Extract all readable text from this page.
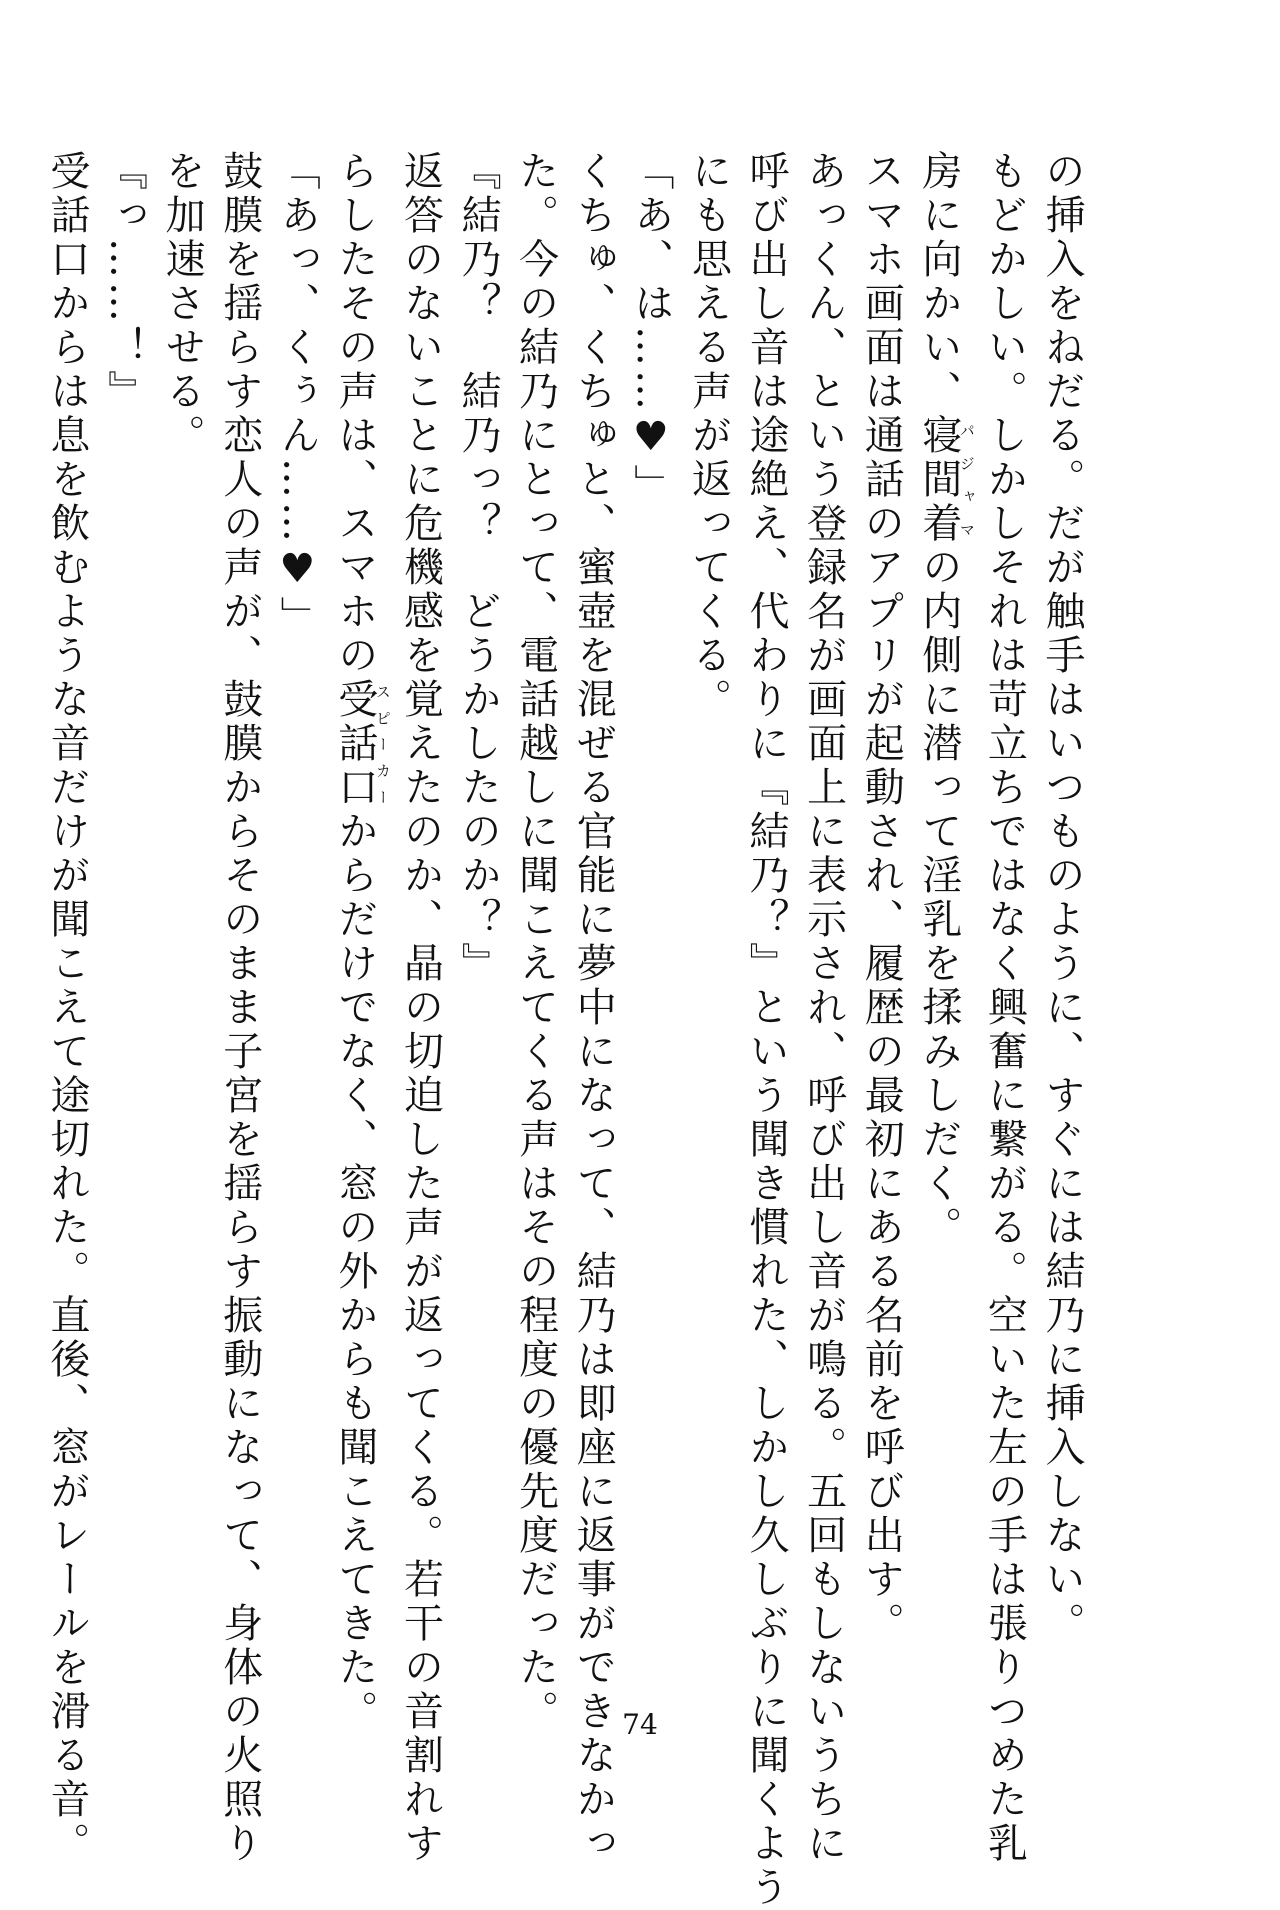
の挿入をねだる。だが触手はいつものように、すぐには結乃に挿入しない。
もどかしい。しかしそれは苛立ちではなく興奮に繋がる。空いた左の手は張りつめた乳
房に向かい、寝間着パジャマの内側に潜って淫乳を揉みしだく。
スマホ画面は通話のアプリが起動され、履歴の最初にある名前を呼び出す。
あっくん、という登録名が画面上に表示され、呼び出し音が鳴る。五回もしないうちに
呼び出し音は途絶え、代わりに『結乃？』という聞き慣れた、しかし久しぶりに聞くよう
にも思える声が返ってくる。
「あ、は……♥」
くちゅ、くちゅと、蜜壺を混ぜる官能に夢中になって、結乃は即座に返事ができなかっ
た。今の結乃にとって、電話越しに聞こえてくる声はその程度の優先度だった。
『結乃？　結乃っ？　どうかしたのか？』
返答のないことに危機感を覚えたのか、晶の切迫した声が返ってくる。若干の音割れす
らしたその声は、スマホの受話口スピーカーからだけでなく、窓の外からも聞こえてきた。
「あっ、くぅん……♥」
鼓膜を揺らす恋人の声が、鼓膜からそのまま子宮を揺らす振動になって、身体の火照り
を加速させる。
『っ……！』
受話口からは息を飲むような音だけが聞こえて途切れた。直後、窓がレールを滑る音。	74
